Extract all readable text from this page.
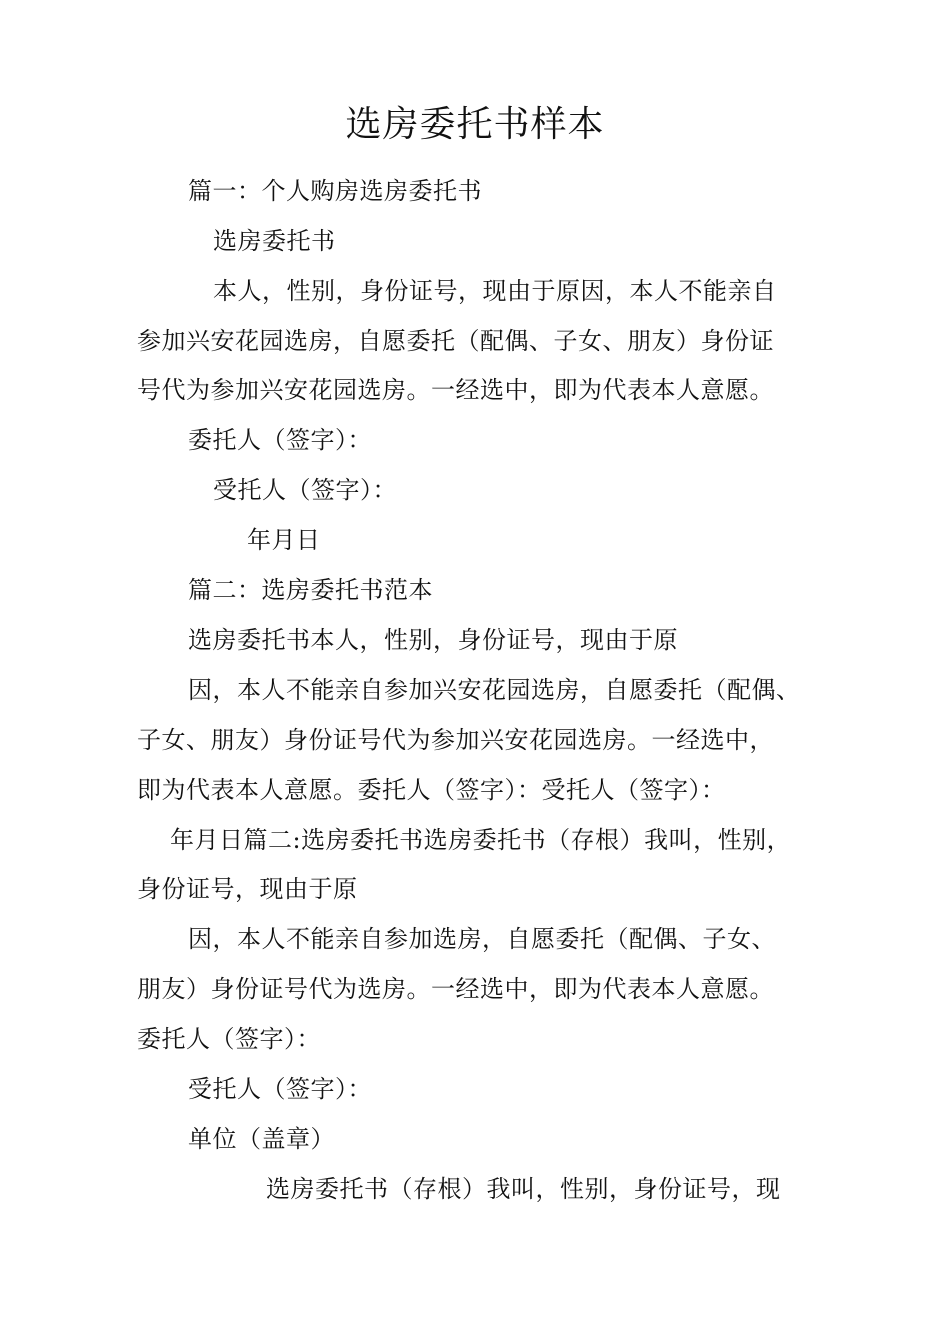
选房委托书样本
篇一：个人购房选房委托书
选房委托书
本人，性别，身份证号，现由于原因，本人不能亲自
参加兴安花园选房，自愿委托（配偶、子女、朋友）身份证
号代为参加兴安花园选房。一经选中，即为代表本人意愿。
委托人（签字）：
受托人（签字）：
年月日
篇二：选房委托书范本
选房委托书本人，性别，身份证号，现由于原
因，本人不能亲自参加兴安花园选房，自愿委托（配偶、
子女、朋友）身份证号代为参加兴安花园选房。一经选中，
即为代表本人意愿。委托人（签字）：受托人（签字）：
年月日篇二:选房委托书选房委托书（存根）我叫，性别，
身份证号，现由于原
因，本人不能亲自参加选房，自愿委托（配偶、子女、
朋友）身份证号代为选房。一经选中，即为代表本人意愿。
委托人（签字）：
受托人（签字）：
单位（盖章）
选房委托书（存根）我叫，性别，身份证号，现
